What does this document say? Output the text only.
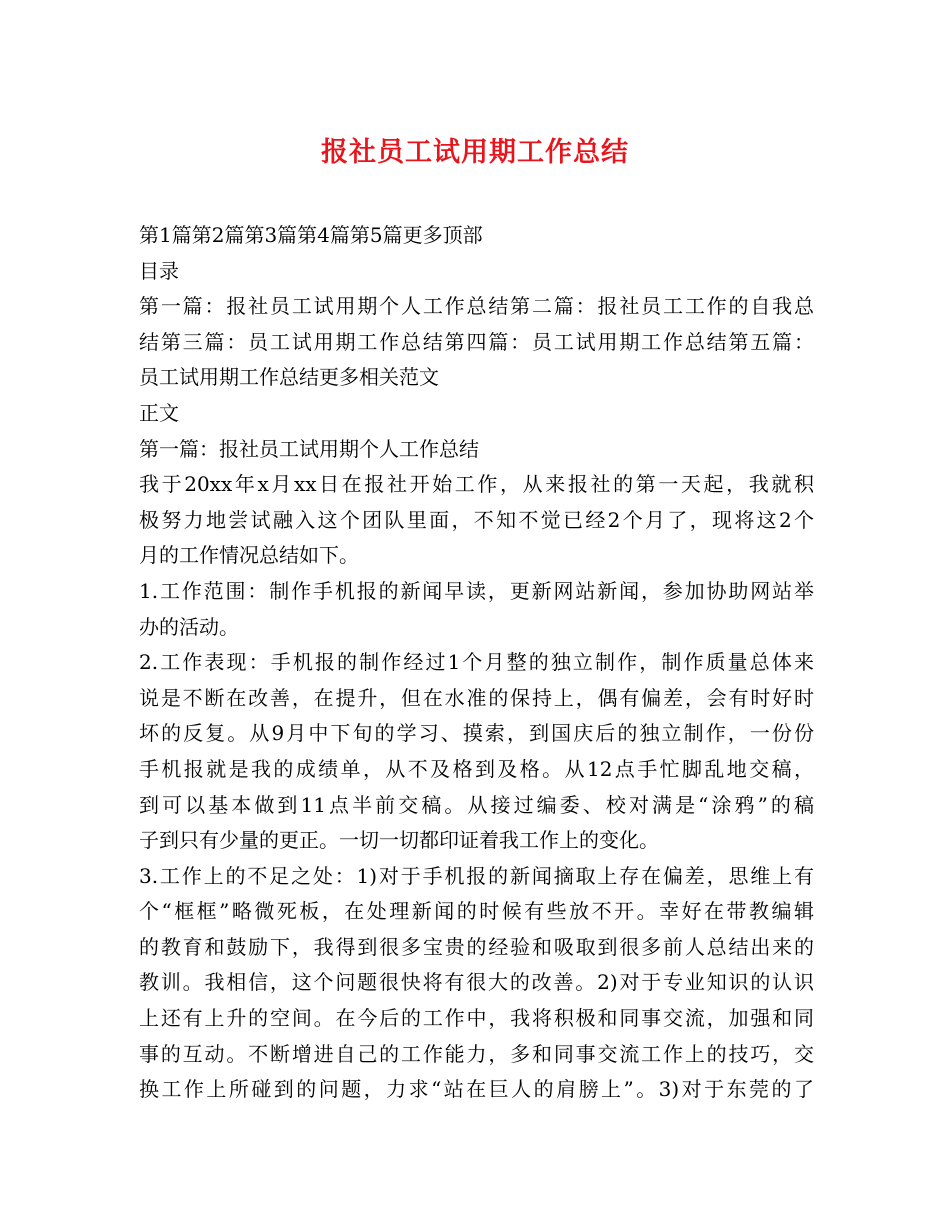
报社员工试用期工作总结
第1篇第2篇第3篇第4篇第5篇更多顶部
目录
第一篇：报社员工试用期个人工作总结第二篇：报社员工工作的自我总
结第三篇：员工试用期工作总结第四篇：员工试用期工作总结第五篇：
员工试用期工作总结更多相关范文
正文
第一篇：报社员工试用期个人工作总结
我于20xx年x月xx日在报社开始工作，从来报社的第一天起，我就积
极努力地尝试融入这个团队里面，不知不觉已经2个月了，现将这2个
月的工作情况总结如下。
1.工作范围：制作手机报的新闻早读，更新网站新闻，参加协助网站举
办的活动。
2.工作表现：手机报的制作经过1个月整的独立制作，制作质量总体来
说是不断在改善，在提升，但在水准的保持上，偶有偏差，会有时好时
坏的反复。从9月中下旬的学习、摸索，到国庆后的独立制作，一份份
手机报就是我的成绩单，从不及格到及格。从12点手忙脚乱地交稿，
到可以基本做到11点半前交稿。从接过编委、校对满是“涂鸦”的稿
子到只有少量的更正。一切一切都印证着我工作上的变化。
3.工作上的不足之处：1)对于手机报的新闻摘取上存在偏差，思维上有
个“框框”略微死板，在处理新闻的时候有些放不开。幸好在带教编辑
的教育和鼓励下，我得到很多宝贵的经验和吸取到很多前人总结出来的
教训。我相信，这个问题很快将有很大的改善。2)对于专业知识的认识
上还有上升的空间。在今后的工作中，我将积极和同事交流，加强和同
事的互动。不断增进自己的工作能力，多和同事交流工作上的技巧，交
换工作上所碰到的问题，力求“站在巨人的肩膀上”。3)对于东莞的了
